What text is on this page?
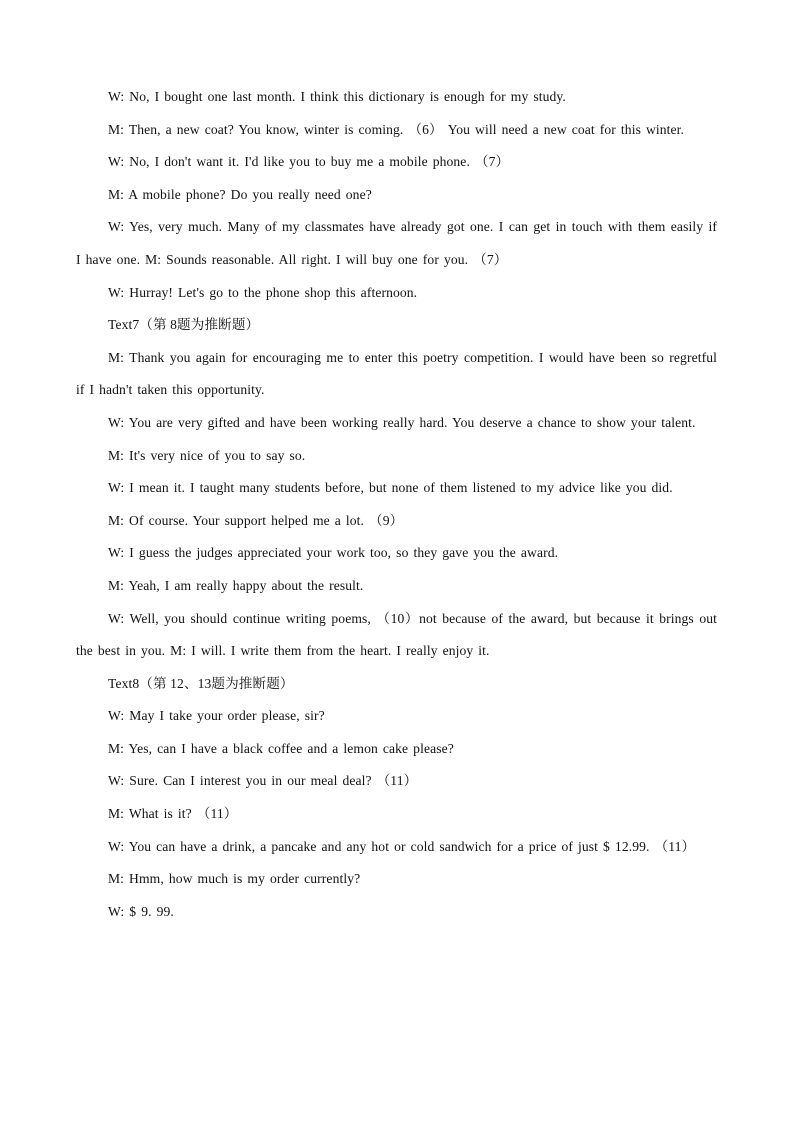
W: No, I bought one last month. I think this dictionary is enough for my study.

M: Then, a new coat? You know, winter is coming. （6） You will need a new coat for this winter.

W: No, I don't want it. I'd like you to buy me a mobile phone. （7）

M: A mobile phone? Do you really need one?

W: Yes, very much. Many of my classmates have already got one. I can get in touch with them easily if I have one. M: Sounds reasonable. All right. I will buy one for you. （7）

W: Hurray! Let's go to the phone shop this afternoon.

Text7（第 8题为推断题）

M: Thank you again for encouraging me to enter this poetry competition. I would have been so regretful if I hadn't taken this opportunity.

W: You are very gifted and have been working really hard. You deserve a chance to show your talent.

M: It's very nice of you to say so.

W: I mean it. I taught many students before, but none of them listened to my advice like you did.

M: Of course. Your support helped me a lot. （9）

W: I guess the judges appreciated your work too, so they gave you the award.

M: Yeah, I am really happy about the result.

W: Well, you should continue writing poems, （10）not because of the award, but because it brings out the best in you. M: I will. I write them from the heart. I really enjoy it.

Text8（第 12、13题为推断题）

W: May I take your order please, sir?

M: Yes, can I have a black coffee and a lemon cake please?

W: Sure. Can I interest you in our meal deal? （11）

M: What is it? （11）

W: You can have a drink, a pancake and any hot or cold sandwich for a price of just $ 12.99. （11）

M: Hmm, how much is my order currently?

W: $ 9. 99.
